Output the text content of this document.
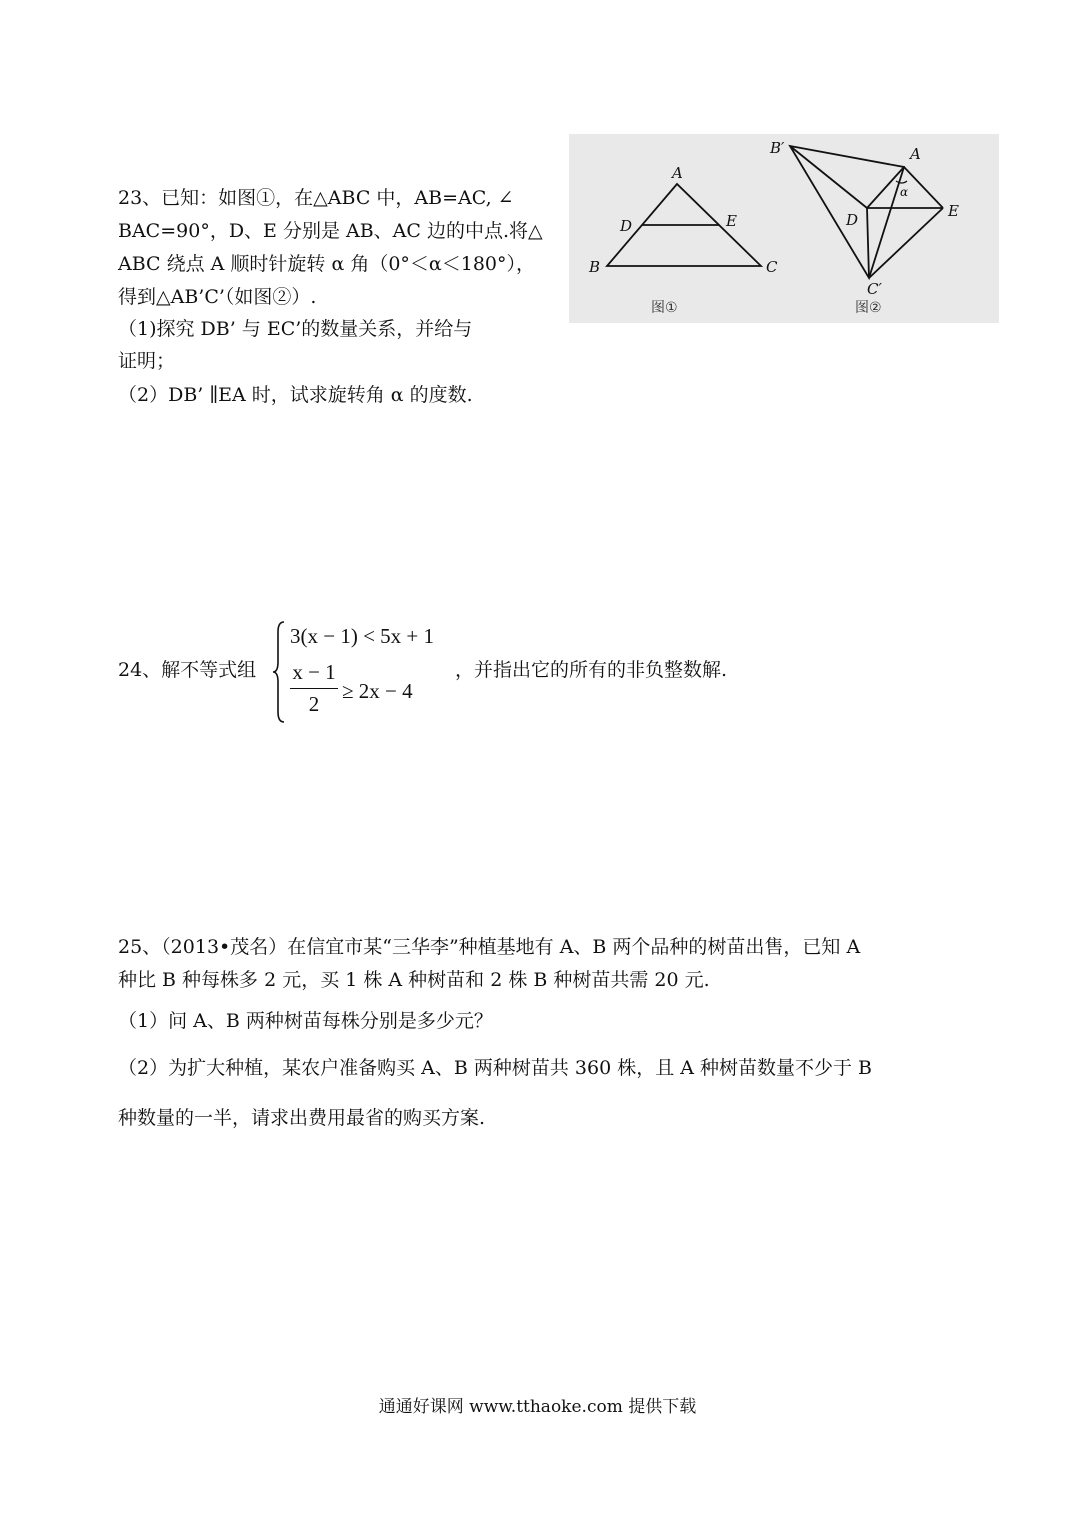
23、已知：如图①，在△ABC 中，AB=AC, ∠
BAC=90°，D、E 分别是 AB、AC 边的中点.将△
ABC 绕点 A 顺时针旋转 α 角（0°＜α＜180°），
得到△AB’C’（如图②）.
（1)探究 DB’ 与 EC’的数量关系，并给与
证明；
（2）DB’ ∥EA 时，试求旋转角 α 的度数.
A
B	C
D	E
图①
B′	A
E
D
C′
α
图②
24、解不等式组
3(x − 1) < 5x + 1
x − 1
2
≥ 2x − 4
，并指出它的所有的非负整数解.
25、（2013•茂名）在信宜市某“三华李”种植基地有 A、B 两个品种的树苗出售，已知 A
种比 B 种每株多 2 元，买 1 株 A 种树苗和 2 株 B 种树苗共需 20 元.
（1）问 A、B 两种树苗每株分别是多少元？
（2）为扩大种植，某农户准备购买 A、B 两种树苗共 360 株，且 A 种树苗数量不少于 B
种数量的一半，请求出费用最省的购买方案.
通通好课网 www.tthaoke.com 提供下载
